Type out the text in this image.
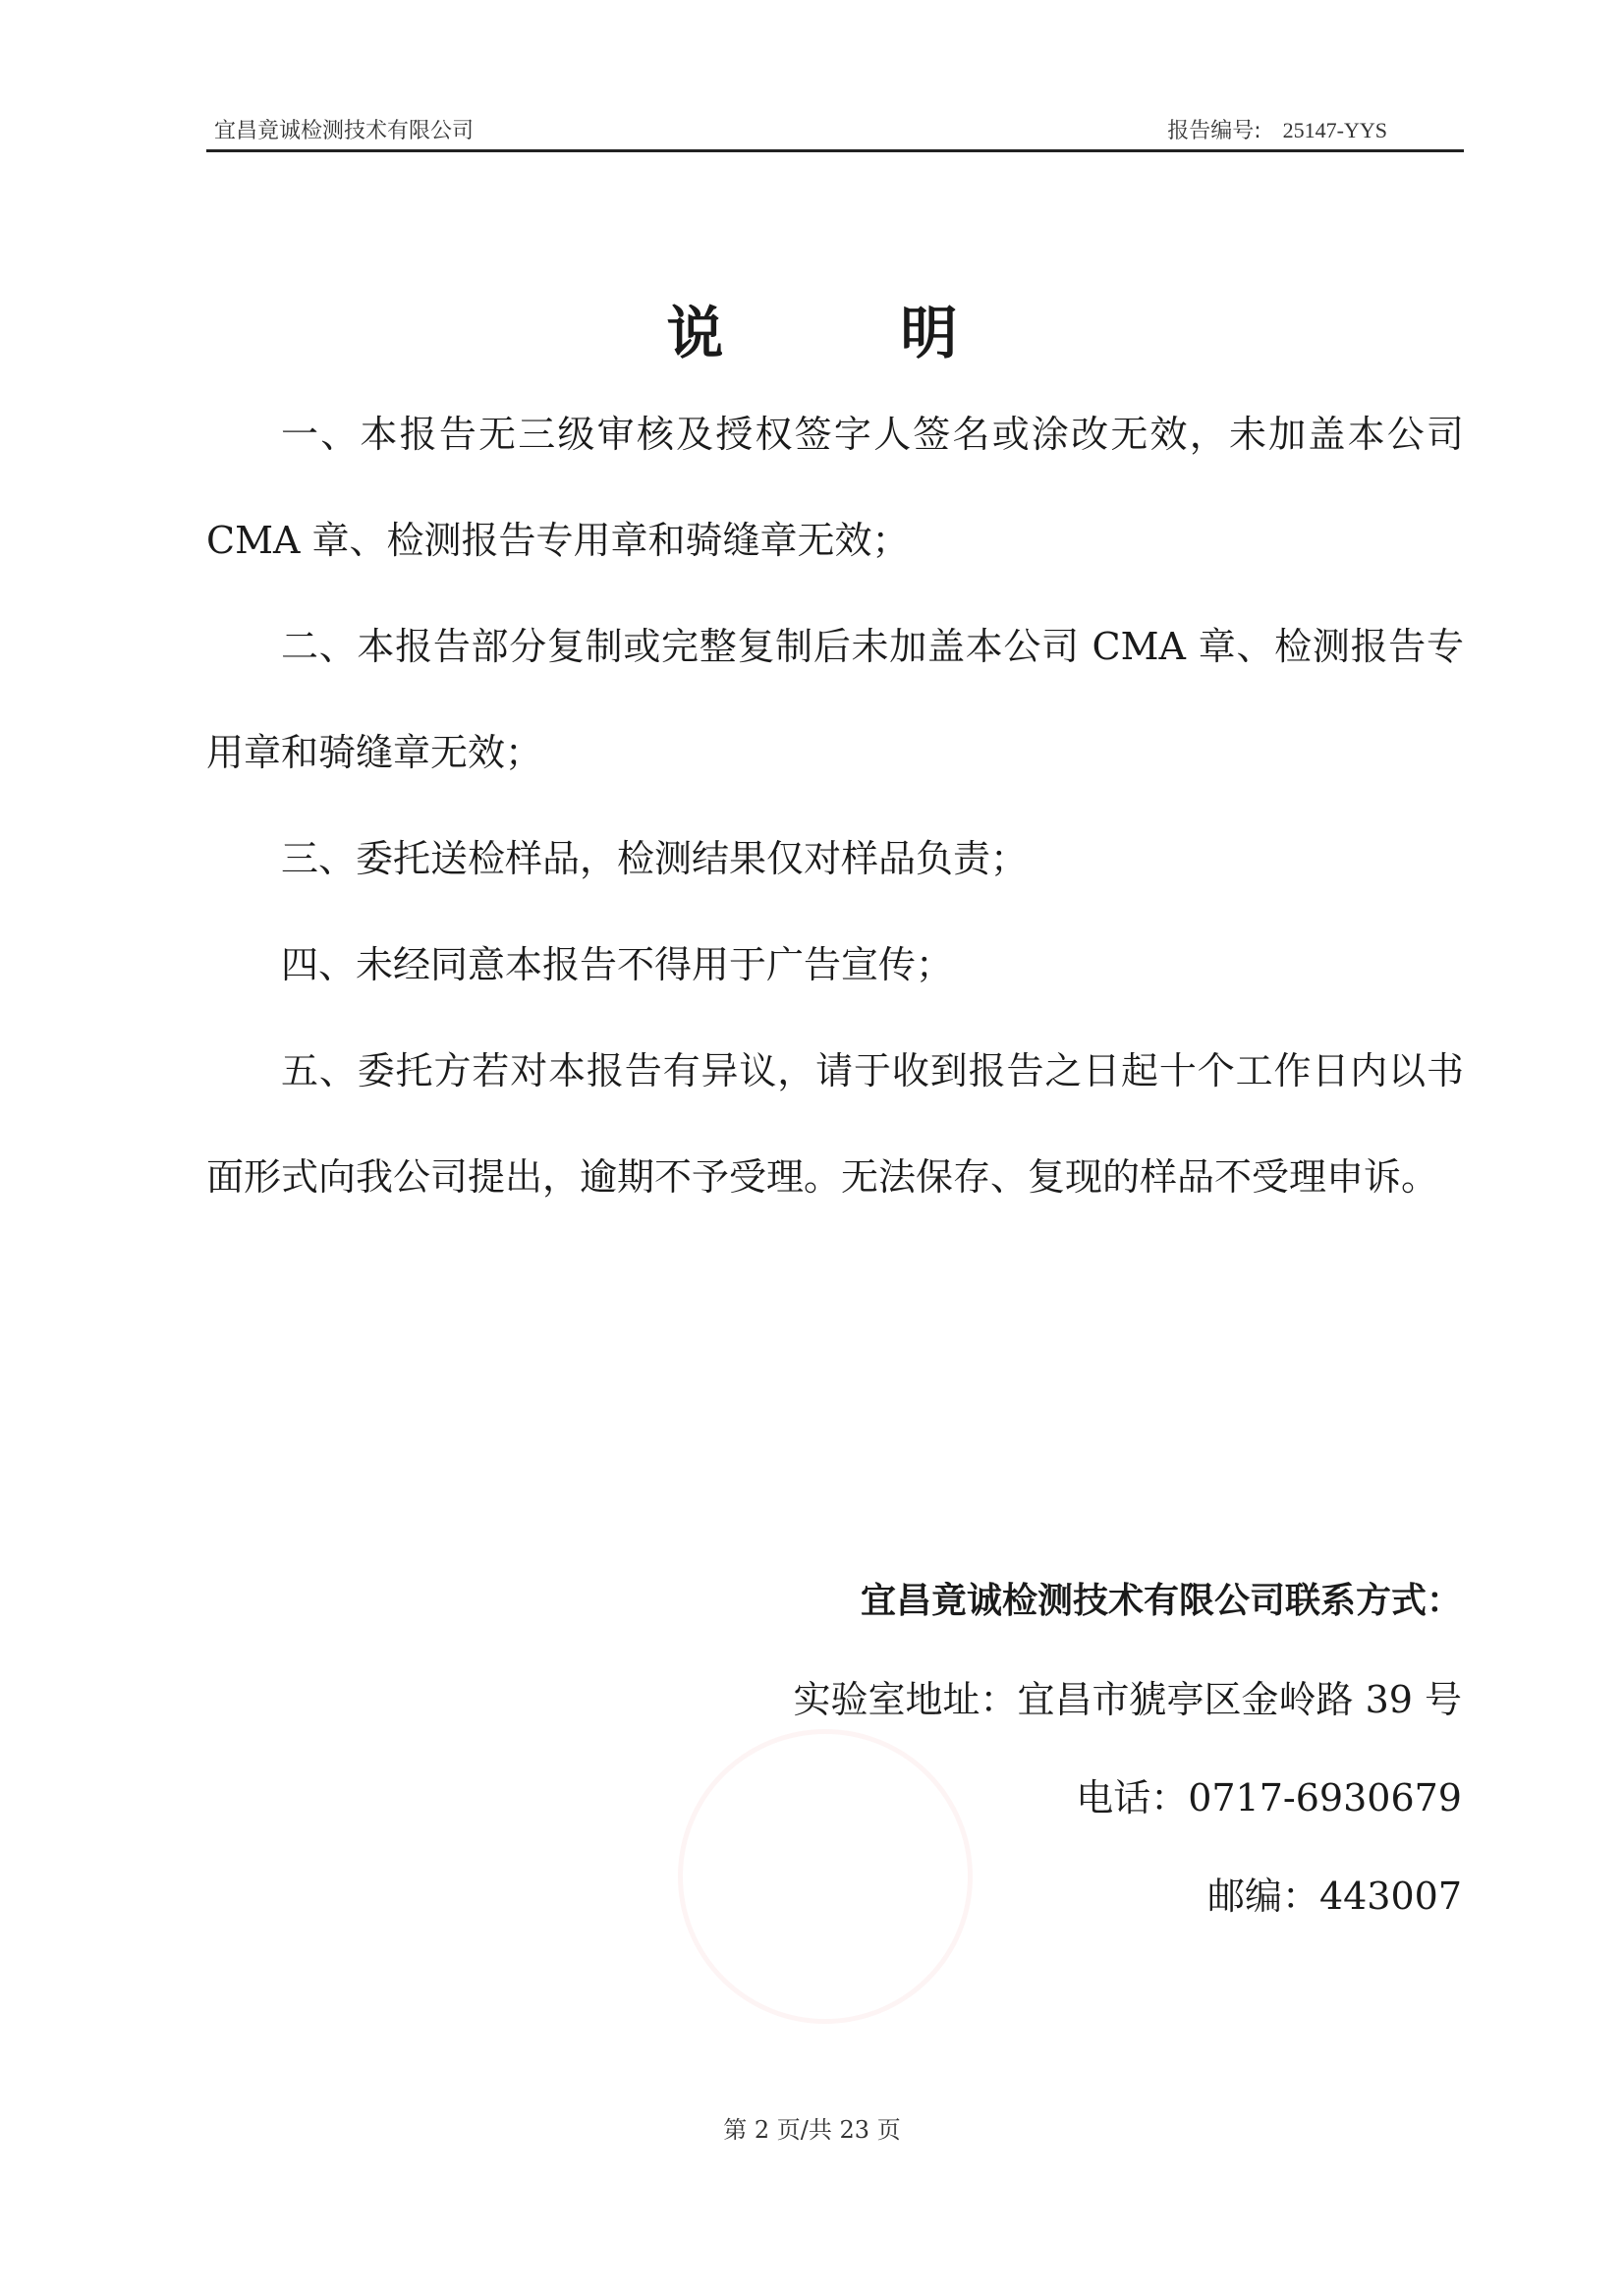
宜昌竟诚检测技术有限公司	报告编号: 25147-YYS
说明

一、本报告无三级审核及授权签字人签名或涂改无效，未加盖本公司 CMA 章、检测报告专用章和骑缝章无效；

二、本报告部分复制或完整复制后未加盖本公司 CMA 章、检测报告专用章和骑缝章无效；

三、委托送检样品，检测结果仅对样品负责；

四、未经同意本报告不得用于广告宣传；

五、委托方若对本报告有异议，请于收到报告之日起十个工作日内以书面形式向我公司提出，逾期不予受理。无法保存、复现的样品不受理申诉。

宜昌竟诚检测技术有限公司联系方式：
实验室地址：宜昌市猇亭区金岭路 39 号
电话：0717-6930679
邮编：443007
第 2 页/共 23 页
